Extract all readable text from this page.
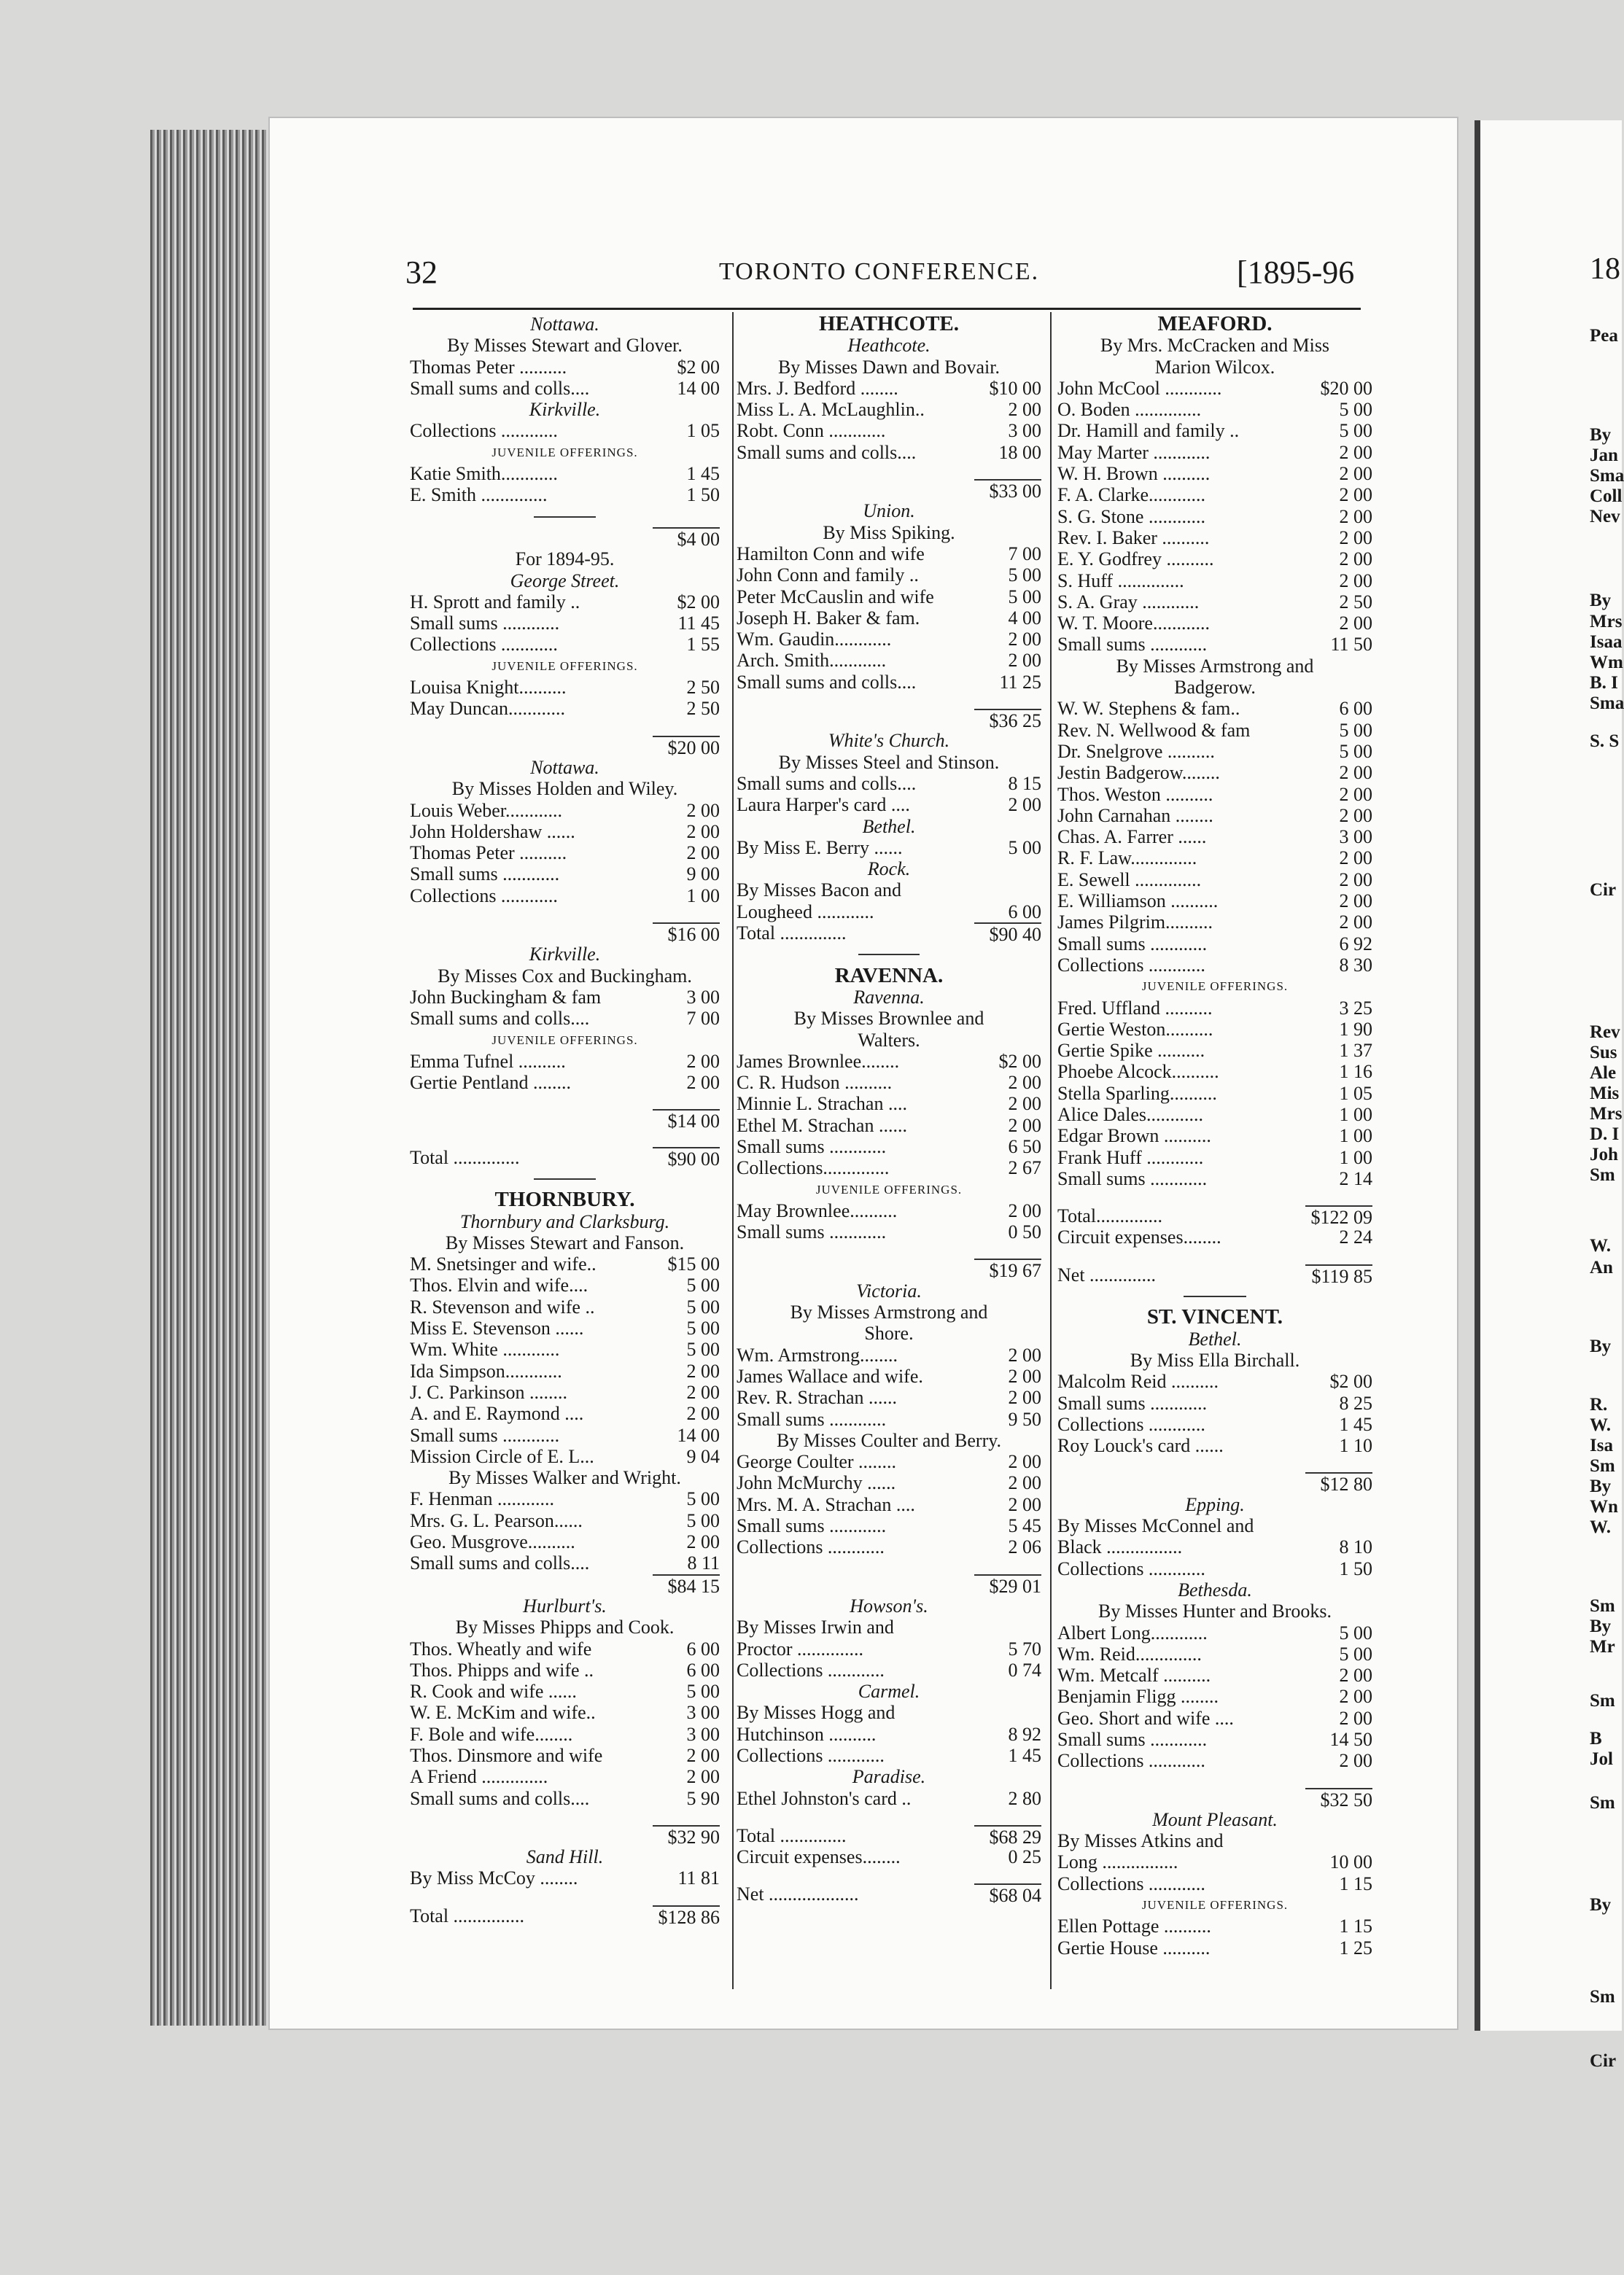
18
Pea
By
Jan
Sma
Coll
Nev
By
Mrs
Isaa
Wm
B. I
Sma
S. S
Cir
Rev
Sus
Ale
Mis
Mrs
D. I
Joh
Sm
W.
An
By
R.
W.
Isa
Sm
By
Wn
W.
Sm
By
Mr
Sm
B
Jol
Sm
By
Sm
Cir
32	TORONTO CONFERENCE.	[1895-96
Nottawa.
By Misses Stewart and Glover.
Thomas Peter ..........	$2 00
Small sums and colls....	14 00
Kirkville.
Collections ............	1 05
JUVENILE OFFERINGS.
Katie Smith............	1 45
E. Smith ..............	1 50
$4 00
For 1894-95.
George Street.
H. Sprott and family ..	$2 00
Small sums ............	11 45
Collections ............	1 55
JUVENILE OFFERINGS.
Louisa Knight..........	2 50
May Duncan............	2 50
$20 00
Nottawa.
By Misses Holden and Wiley.
Louis Weber............	2 00
John Holdershaw ......	2 00
Thomas Peter ..........	2 00
Small sums ............	9 00
Collections ............	1 00
$16 00
Kirkville.
By Misses Cox and Buckingham.
John Buckingham & fam	3 00
Small sums and colls....	7 00
JUVENILE OFFERINGS.
Emma Tufnel ..........	2 00
Gertie Pentland ........	2 00
$14 00
Total ..............	$90 00
THORNBURY.
Thornbury and Clarksburg.
By Misses Stewart and Fanson.
M. Snetsinger and wife..	$15 00
Thos. Elvin and wife....	5 00
R. Stevenson and wife ..	5 00
Miss E. Stevenson ......	5 00
Wm. White ............	5 00
Ida Simpson............	2 00
J. C. Parkinson ........	2 00
A. and E. Raymond ....	2 00
Small sums ............	14 00
Mission Circle of E. L...	9 04
By Misses Walker and Wright.
F. Henman ............	5 00
Mrs. G. L. Pearson......	5 00
Geo. Musgrove..........	2 00
Small sums and colls....	8 11
$84 15
Hurlburt's.
By Misses Phipps and Cook.
Thos. Wheatly and wife	6 00
Thos. Phipps and wife ..	6 00
R. Cook and wife ......	5 00
W. E. McKim and wife..	3 00
F. Bole and wife........	3 00
Thos. Dinsmore and wife	2 00
A Friend ..............	2 00
Small sums and colls....	5 90
$32 90
Sand Hill.
By Miss McCoy ........	11 81
Total ...............	$128 86
HEATHCOTE.
Heathcote.
By Misses Dawn and Bovair.
Mrs. J. Bedford ........	$10 00
Miss L. A. McLaughlin..	2 00
Robt. Conn ............	3 00
Small sums and colls....	18 00
$33 00
Union.
By Miss Spiking.
Hamilton Conn and wife	7 00
John Conn and family ..	5 00
Peter McCauslin and wife	5 00
Joseph H. Baker & fam.	4 00
Wm. Gaudin............	2 00
Arch. Smith............	2 00
Small sums and colls....	11 25
$36 25
White's Church.
By Misses Steel and Stinson.
Small sums and colls....	8 15
Laura Harper's card ....	2 00
Bethel.
By Miss E. Berry ......	5 00
Rock.
By Misses Bacon and
Lougheed ............	6 00
Total ..............	$90 40
RAVENNA.
Ravenna.
By Misses Brownlee and
Walters.
James Brownlee........	$2 00
C. R. Hudson ..........	2 00
Minnie L. Strachan ....	2 00
Ethel M. Strachan ......	2 00
Small sums ............	6 50
Collections..............	2 67
JUVENILE OFFERINGS.
May Brownlee..........	2 00
Small sums ............	0 50
$19 67
Victoria.
By Misses Armstrong and
Shore.
Wm. Armstrong........	2 00
James Wallace and wife.	2 00
Rev. R. Strachan ......	2 00
Small sums ............	9 50
By Misses Coulter and Berry.
George Coulter ........	2 00
John McMurchy ......	2 00
Mrs. M. A. Strachan ....	2 00
Small sums ............	5 45
Collections ............	2 06
$29 01
Howson's.
By Misses Irwin and
Proctor ..............	5 70
Collections ............	0 74
Carmel.
By Misses Hogg and
Hutchinson ..........	8 92
Collections ............	1 45
Paradise.
Ethel Johnston's card ..	2 80
Total ..............	$68 29
Circuit expenses........	0 25
Net ...................	$68 04
MEAFORD.
By Mrs. McCracken and Miss
Marion Wilcox.
John McCool ............	$20 00
O. Boden ..............	5 00
Dr. Hamill and family ..	5 00
May Marter ............	2 00
W. H. Brown ..........	2 00
F. A. Clarke............	2 00
S. G. Stone ............	2 00
Rev. I. Baker ..........	2 00
E. Y. Godfrey ..........	2 00
S. Huff ..............	2 00
S. A. Gray ............	2 50
W. T. Moore............	2 00
Small sums ............	11 50
By Misses Armstrong and
Badgerow.
W. W. Stephens & fam..	6 00
Rev. N. Wellwood & fam	5 00
Dr. Snelgrove ..........	5 00
Jestin Badgerow........	2 00
Thos. Weston ..........	2 00
John Carnahan ........	2 00
Chas. A. Farrer ......	3 00
R. F. Law..............	2 00
E. Sewell ..............	2 00
E. Williamson ..........	2 00
James Pilgrim..........	2 00
Small sums ............	6 92
Collections ............	8 30
JUVENILE OFFERINGS.
Fred. Uffland ..........	3 25
Gertie Weston..........	1 90
Gertie Spike ..........	1 37
Phoebe Alcock..........	1 16
Stella Sparling..........	1 05
Alice Dales............	1 00
Edgar Brown ..........	1 00
Frank Huff ............	1 00
Small sums ............	2 14
Total..............	$122 09
Circuit expenses........	2 24
Net ..............	$119 85
ST. VINCENT.
Bethel.
By Miss Ella Birchall.
Malcolm Reid ..........	$2 00
Small sums ............	8 25
Collections ............	1 45
Roy Louck's card ......	1 10
$12 80
Epping.
By Misses McConnel and
Black ................	8 10
Collections ............	1 50
Bethesda.
By Misses Hunter and Brooks.
Albert Long............	5 00
Wm. Reid..............	5 00
Wm. Metcalf ..........	2 00
Benjamin Fligg ........	2 00
Geo. Short and wife ....	2 00
Small sums ............	14 50
Collections ............	2 00
$32 50
Mount Pleasant.
By Misses Atkins and
Long ................	10 00
Collections ............	1 15
JUVENILE OFFERINGS.
Ellen Pottage ..........	1 15
Gertie House ..........	1 25
